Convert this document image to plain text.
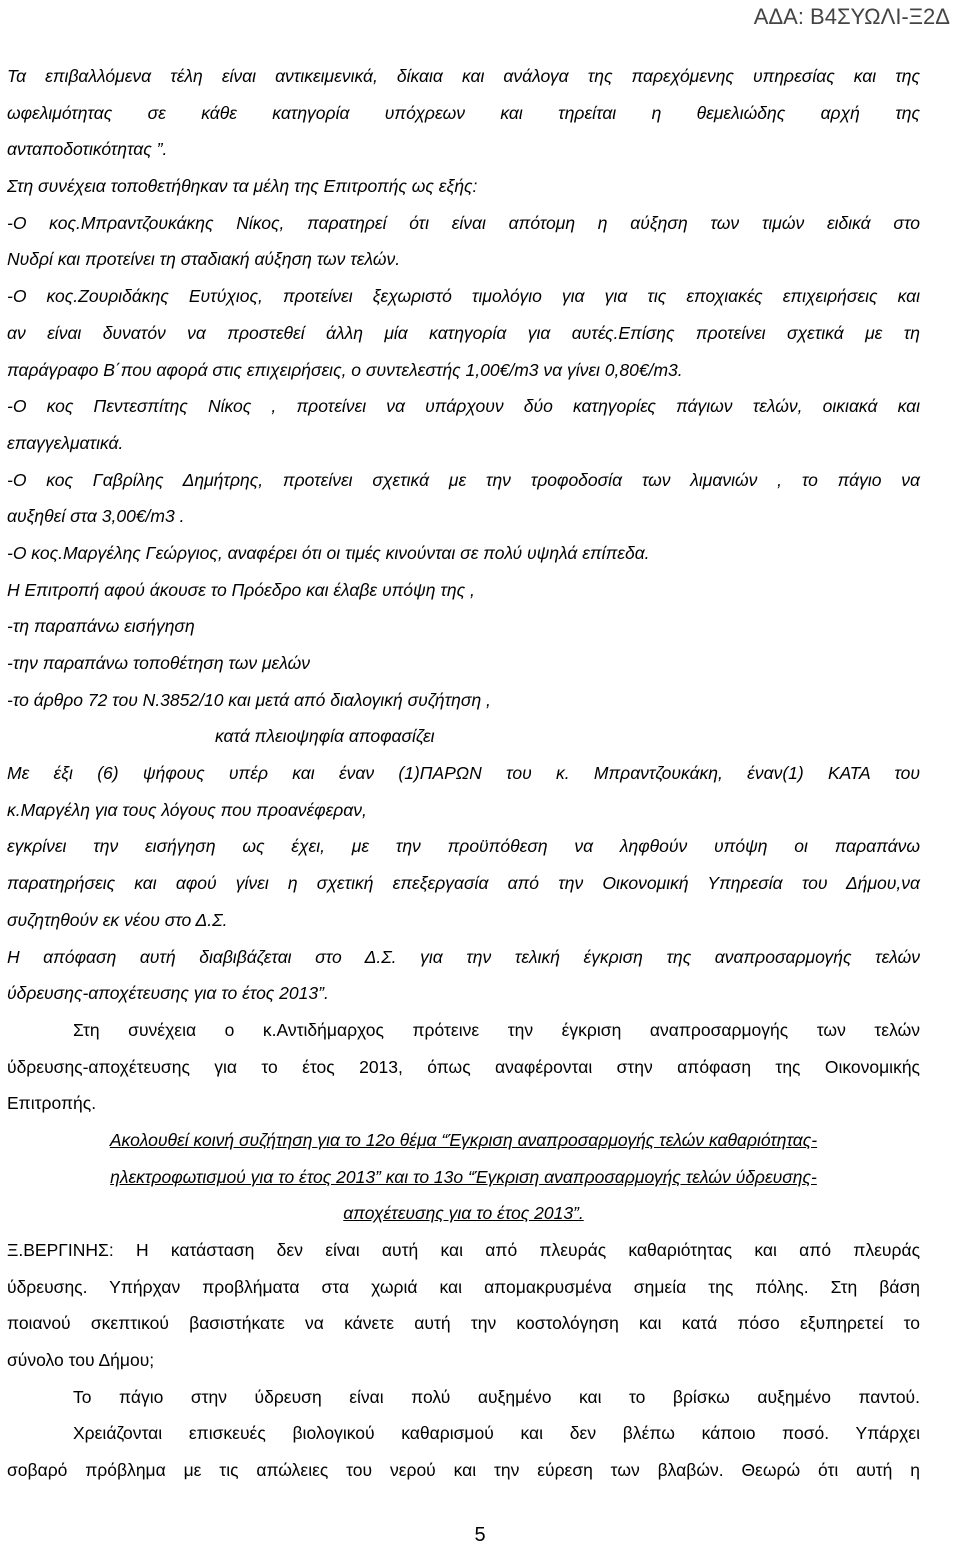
ΑΔΑ: Β4ΣΥΩΛΙ-Ξ2Δ
Τα επιβαλλόμενα τέλη είναι αντικειμενικά, δίκαια και ανάλογα της παρεχόμενης υπηρεσίας και της
ωφελιμότητας σε κάθε κατηγορία υπόχρεων και τηρείται η θεμελιώδης αρχή της
ανταποδοτικότητας ”.
Στη συνέχεια τοποθετήθηκαν τα μέλη της Επιτροπής ως εξής:
-Ο κος.Μπραντζουκάκης Νίκος, παρατηρεί ότι είναι απότομη η αύξηση των τιμών ειδικά στο
Νυδρί και προτείνει τη σταδιακή αύξηση των τελών.
-Ο κος.Ζουριδάκης Ευτύχιος, προτείνει ξεχωριστό τιμολόγιο για για τις εποχιακές επιχειρήσεις και
αν είναι δυνατόν να προστεθεί άλλη μία κατηγορία για αυτές.Επίσης προτείνει σχετικά με τη
παράγραφο Β΄που αφορά στις επιχειρήσεις, ο συντελεστής 1,00€/m3 να γίνει 0,80€/m3.
-Ο κος Πεντεσπίτης Νίκος , προτείνει να υπάρχουν δύο κατηγορίες πάγιων τελών, οικιακά και
επαγγελματικά.
-Ο κος Γαβρίλης Δημήτρης, προτείνει σχετικά με την τροφοδοσία των λιμανιών , το πάγιο να
αυξηθεί στα 3,00€/m3 .
-Ο κος.Μαργέλης Γεώργιος, αναφέρει ότι οι τιμές κινούνται σε πολύ υψηλά επίπεδα.
Η Επιτροπή αφού άκουσε το Πρόεδρο και έλαβε υπόψη της ,
-τη παραπάνω εισήγηση
-την παραπάνω τοποθέτηση των μελών
-το άρθρο 72 του Ν.3852/10 και μετά από διαλογική συζήτηση ,
κατά πλειοψηφία αποφασίζει
Με έξι (6) ψήφους υπέρ και έναν (1)ΠΑΡΩΝ του κ. Μπραντζουκάκη, έναν(1) ΚΑΤΑ του
κ.Μαργέλη για τους λόγους που προανέφεραν,
εγκρίνει την εισήγηση ως έχει, με την προϋπόθεση να ληφθούν υπόψη οι παραπάνω
παρατηρήσεις και αφού γίνει η σχετική επεξεργασία από την Οικονομική Υπηρεσία του Δήμου,να
συζητηθούν εκ νέου στο Δ.Σ.
Η απόφαση αυτή διαβιβάζεται στο Δ.Σ. για την τελική έγκριση της αναπροσαρμογής τελών
ύδρευσης-αποχέτευσης για το έτος 2013”.
Στη συνέχεια ο κ.Αντιδήμαρχος πρότεινε την έγκριση αναπροσαρμογής των τελών
ύδρευσης-αποχέτευσης για το έτος 2013, όπως αναφέρονται στην απόφαση της Οικονομικής
Επιτροπής.
Ακολουθεί κοινή συζήτηση για το 12ο θέμα “Έγκριση αναπροσαρμογής τελών καθαριότητας-
ηλεκτροφωτισμού για το έτος 2013” και το 13ο “Έγκριση αναπροσαρμογής τελών ύδρευσης-
αποχέτευσης για το έτος 2013”.
Ξ.ΒΕΡΓΙΝΗΣ: Η κατάσταση δεν είναι αυτή και από πλευράς καθαριότητας και από πλευράς
ύδρευσης. Υπήρχαν προβλήματα στα χωριά και απομακρυσμένα σημεία της πόλης. Στη βάση
ποιανού σκεπτικού βασιστήκατε να κάνετε αυτή την κοστολόγηση και κατά πόσο εξυπηρετεί το
σύνολο του Δήμου;
Το πάγιο στην ύδρευση είναι πολύ αυξημένο και το βρίσκω αυξημένο παντού.
Χρειάζονται επισκευές βιολογικού καθαρισμού και δεν βλέπω κάποιο ποσό. Υπάρχει
σοβαρό πρόβλημα με τις απώλειες του νερού και την εύρεση των βλαβών. Θεωρώ ότι αυτή η
5
